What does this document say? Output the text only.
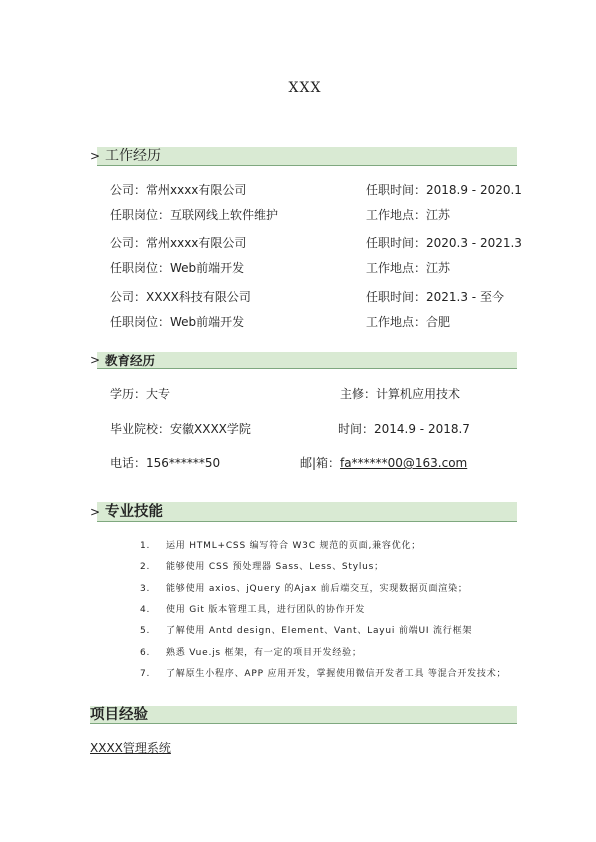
XXX
工作经历
>
公司：常州xxxx有限公司	任职时间：2018.9 - 2020.1
任职岗位：互联网线上软件维护	工作地点：江苏
公司：常州xxxx有限公司	任职时间：2020.3 - 2021.3
任职岗位：Web前端开发	工作地点：江苏
公司：XXXX科技有限公司	任职时间：2021.3 - 至今
任职岗位：Web前端开发	工作地点：合肥
教育经历
>
学历：大专	主修：计算机应用技术
毕业院校：安徽XXXX学院	时间：2014.9 - 2018.7
电话：156******50	邮|箱：fa******00@163.com
专业技能
>
1. 运用 HTML+CSS 编写符合 W3C 规范的页面,兼容优化；
2. 能够使用 CSS 预处理器 Sass、Less、Stylus；
3. 能够使用 axios、jQuery 的Ajax 前后端交互，实现数据页面渲染；
4. 使用 Git 版本管理工具，进行团队的协作开发
5. 了解使用 Antd design、Element、Vant、Layui 前端UI 流行框架
6. 熟悉 Vue.js 框架，有一定的项目开发经验；
7. 了解原生小程序、APP 应用开发，掌握使用微信开发者工具 等混合开发技术；
项目经验
XXXX管理系统
